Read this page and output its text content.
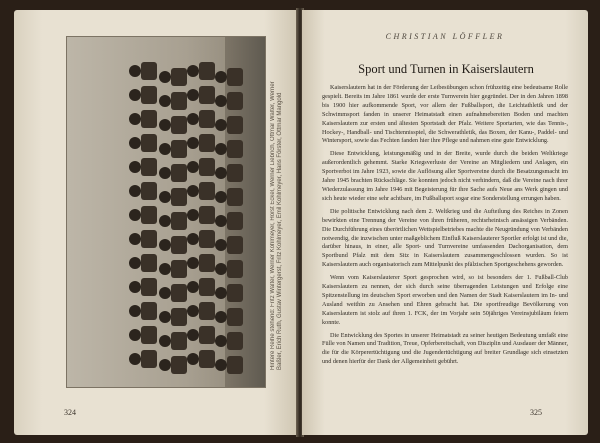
Hintere Reihe stehend: Fritz Walter, Werner Kohlmeyer, Horst Eckel, Werner Liebrich, Ottmar Walter, Werner Baßler, Erich Ruth, Gustav Wintergerst, Fritz Kohlmeyer, Emil Kohlmeyer, Hans Förster, Ottmar Mangold
324
CHRISTIAN LÖFFLER
Sport und Turnen in Kaiserslautern

Kaiserslautern hat in der Förderung der Leibesübungen schon frühzeitig eine bedeutsame Rolle gespielt. Bereits im Jahre 1861 wurde der erste Turnverein hier gegründet. Der in den Jahren 1898 bis 1900 hier aufkommende Sport, vor allem der Fußballsport, die Leichtathletik und der Schwimmsport fanden in unserer Heimatstadt einen aufnahmebereiten Boden und machten Kaiserslautern zur ersten und ältesten Sportstadt der Pfalz. Weitere Sportarten, wie das Tennis-, Hockey-, Handball- und Tischtennisspiel, die Schwerathletik, das Boxen, der Kanu-, Paddel- und Wintersport, sowie das Fechten fanden hier ihre Pflege und nahmen eine gute Entwicklung.

Diese Entwicklung, leistungsmäßig und in der Breite, wurde durch die beiden Weltkriege außerordentlich gehemmt. Starke Kriegsverluste der Vereine an Mitgliedern und Anlagen, ein Sportverbot im Jahre 1923, sowie die Auflösung aller Sportvereine durch die Besatzungsmacht im Jahre 1945 brachten Rückschläge. Sie konnten jedoch nicht verhindern, daß die Vereine nach ihrer Wiederzulassung im Jahre 1946 mit Begeisterung für ihre Sache aufs Neue ans Werk gingen und sich heute wieder eine sehr achtbare, im Fußballsport sogar eine Sonderstellung errungen haben.

Die politische Entwicklung nach dem 2. Weltkrieg und die Aufteilung des Reiches in Zonen bewirkten eine Trennung der Vereine von ihren früheren, rechtsrheinisch ansässigen Verbänden. Die Durchführung eines überörtlichen Wettspielbetriebes machte die Neugründung von Verbänden notwendig, die inzwischen unter maßgeblichem Einfluß Kaiserslauterer Sportler erfolgt ist und die, darüber hinaus, in einer, alle Sport- und Turnvereine umfassenden Dachorganisation, dem Sportbund Pfalz mit dem Sitz in Kaiserslautern zusammengeschlossen wurden. So ist Kaiserslautern auch organisatorisch zum Mittelpunkt des pfälzischen Sportgeschehens geworden.

Wenn vom Kaiserslauterer Sport gesprochen wird, so ist besonders der 1. Fußball-Club Kaiserslautern zu nennen, der sich durch seine überragenden Leistungen und Erfolge eine Spitzenstellung im deutschen Sport erworben und den Namen der Stadt Kaiserslautern im In- und Ausland weithin zu Ansehen und Ehren gebracht hat. Die sportfreudige Bevölkerung von Kaiserslautern ist stolz auf ihren 1. FCK, der im Vorjahr sein 50jähriges Vereinsjubiläum feiern konnte.

Die Entwicklung des Sportes in unserer Heimatstadt zu seiner heutigen Bedeutung umfaßt eine Fülle von Namen und Tradition, Treue, Opferbereitschaft, von Disziplin und Ausdauer der Männer, die für die Körperertüchtigung und die Jugendertüchtigung auf breiter Grundlage sich einsetzten und denen hierfür der Dank der Allgemeinheit gebührt.

325
